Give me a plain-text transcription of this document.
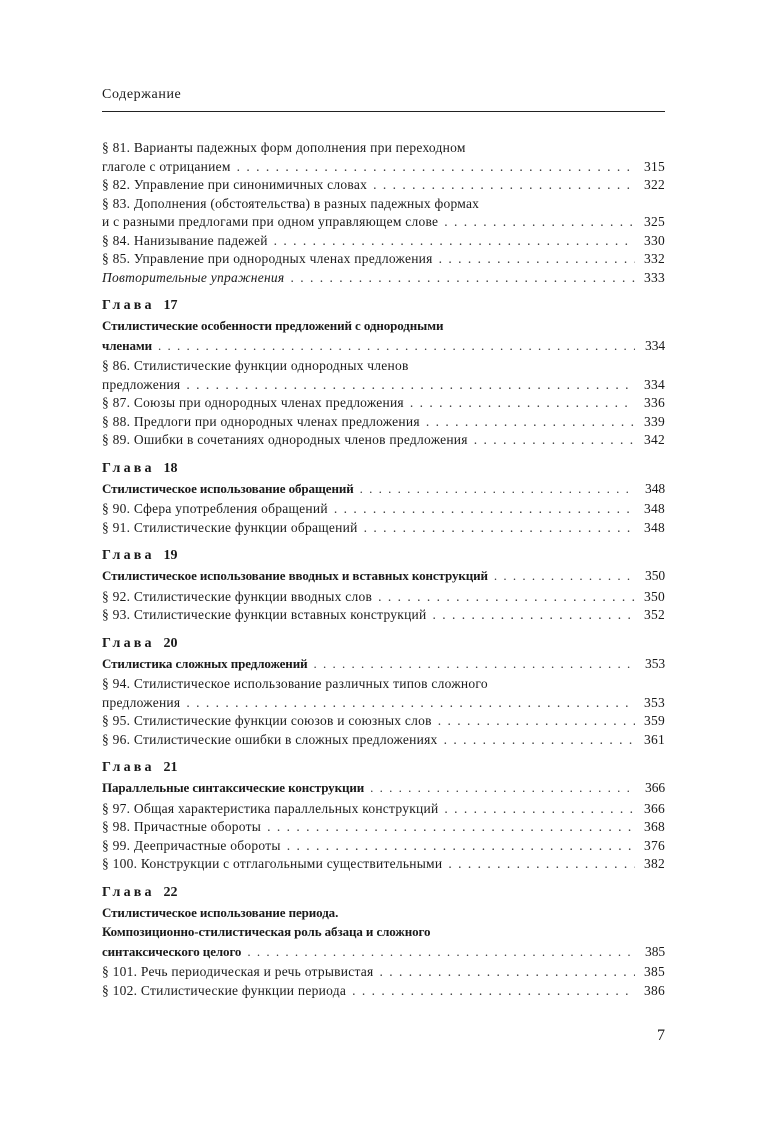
Содержание
§ 81. Варианты падежных форм дополнения при переходном
глаголе с отрицанием . . .	315
§ 82. Управление при синонимичных словах . . .	322
§ 83. Дополнения (обстоятельства) в разных падежных формах
и с разными предлогами при одном управляющем слове . . .	325
§ 84. Нанизывание падежей . . .	330
§ 85. Управление при однородных членах предложения . . .	332
Повторительные упражнения . . .	333
Глава 17
Стилистические особенности предложений с однородными
членами . . .	334
§ 86. Стилистические функции однородных членов
предложения . . .	334
§ 87. Союзы при однородных членах предложения . . .	336
§ 88. Предлоги при однородных членах предложения . . .	339
§ 89. Ошибки в сочетаниях однородных членов предложения . . .	342
Глава 18
Стилистическое использование обращений . . .	348
§ 90. Сфера употребления обращений . . .	348
§ 91. Стилистические функции обращений . . .	348
Глава 19
Стилистическое использование вводных и вставных конструкций . . .	350
§ 92. Стилистические функции вводных слов . . .	350
§ 93. Стилистические функции вставных конструкций . . .	352
Глава 20
Стилистика сложных предложений . . .	353
§ 94. Стилистическое использование различных типов сложного
предложения . . .	353
§ 95. Стилистические функции союзов и союзных слов . . .	359
§ 96. Стилистические ошибки в сложных предложениях . . .	361
Глава 21
Параллельные синтаксические конструкции . . .	366
§ 97. Общая характеристика параллельных конструкций . . .	366
§ 98. Причастные обороты . . .	368
§ 99. Деепричастные обороты . . .	376
§ 100. Конструкции с отглагольными существительными . . .	382
Глава 22
Стилистическое использование периода.
Композиционно-стилистическая роль абзаца и сложного
синтаксического целого . . .	385
§ 101. Речь периодическая и речь отрывистая . . .	385
§ 102. Стилистические функции периода . . .	386
7
